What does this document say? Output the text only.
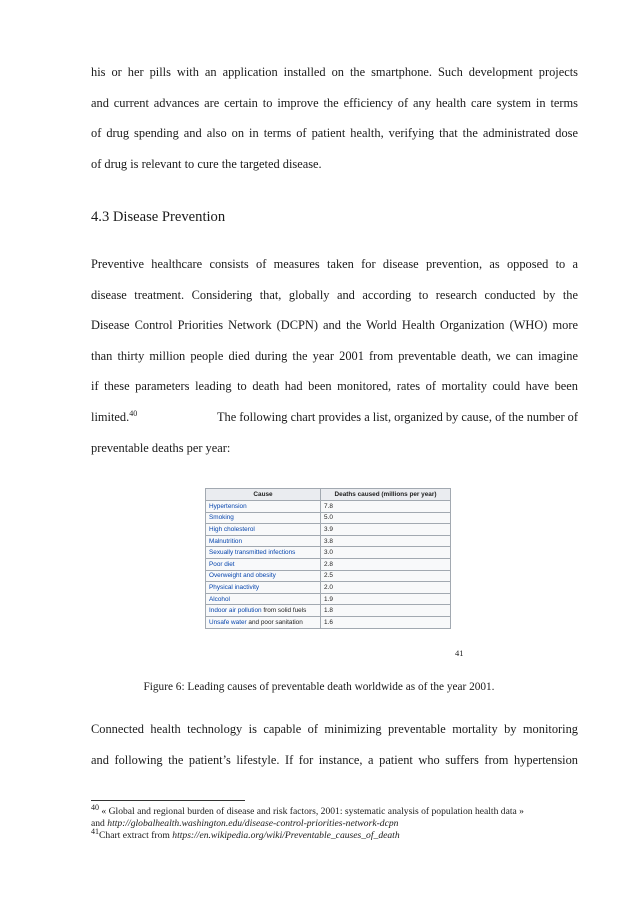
his or her pills with an application installed on the smartphone. Such development projects
and current advances are certain to improve the efficiency of any health care system in terms
of drug spending and also on in terms of patient health, verifying that the administrated dose
of drug is relevant to cure the targeted disease.
4.3 Disease Prevention
Preventive healthcare consists of measures taken for disease prevention, as opposed to a
disease treatment. Considering that, globally and according to research conducted by the
Disease Control Priorities Network (DCPN) and the World Health Organization (WHO) more
than thirty million people died during the year 2001 from preventable death, we can imagine
if these parameters leading to death had been monitored, rates of mortality could have been
limited.$^{40}$	The following chart provides a list, organized by cause, of the number of
preventable deaths per year:
Cause	Deaths caused (millions per year)
Hypertension	7.8
Smoking	5.0
High cholesterol	3.9
Malnutrition	3.8
Sexually transmitted infections	3.0
Poor diet	2.8
Overweight and obesity	2.5
Physical inactivity	2.0
Alcohol	1.9
Indoor air pollution from solid fuels	1.8
Unsafe water and poor sanitation	1.6
41
Figure 6: Leading causes of preventable death worldwide as of the year 2001.
Connected health technology is capable of minimizing preventable mortality by monitoring
and following the patient’s lifestyle. If for instance, a patient who suffers from hypertension
$^{40}$ « Global and regional burden of disease and risk factors, 2001: systematic analysis of population health data »
and http://globalhealth.washington.edu/disease-control-priorities-network-dcpn
$^{41}$Chart extract from https://en.wikipedia.org/wiki/Preventable_causes_of_death
